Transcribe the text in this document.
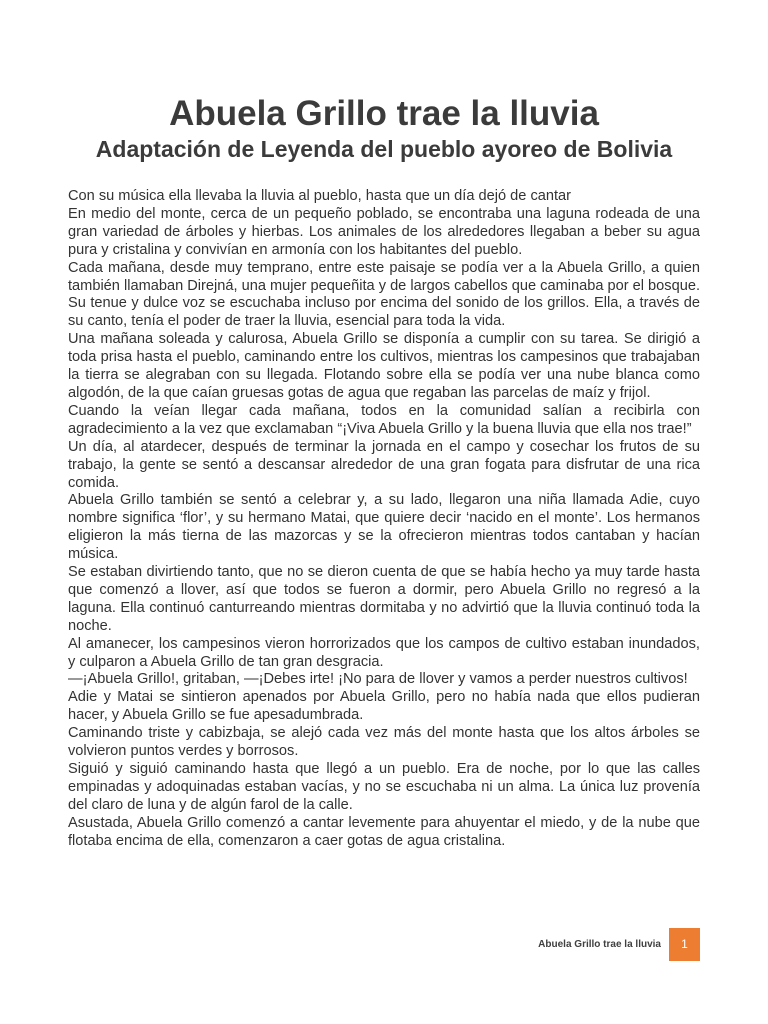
Abuela Grillo trae la lluvia
Adaptación de Leyenda del pueblo ayoreo de Bolivia

Con su música ella llevaba la lluvia al pueblo, hasta que un día dejó de cantar

En medio del monte, cerca de un pequeño poblado, se encontraba una laguna rodeada de una gran variedad de árboles y hierbas. Los animales de los alrededores llegaban a beber su agua pura y cristalina y convivían en armonía con los habitantes del pueblo.

Cada mañana, desde muy temprano, entre este paisaje se podía ver a la Abuela Grillo, a quien también llamaban Direjná, una mujer pequeñita y de largos cabellos que caminaba por el bosque. Su tenue y dulce voz se escuchaba incluso por encima del sonido de los grillos. Ella, a través de su canto, tenía el poder de traer la lluvia, esencial para toda la vida.

Una mañana soleada y calurosa, Abuela Grillo se disponía a cumplir con su tarea. Se dirigió a toda prisa hasta el pueblo, caminando entre los cultivos, mientras los campesinos que trabajaban la tierra se alegraban con su llegada. Flotando sobre ella se podía ver una nube blanca como algodón, de la que caían gruesas gotas de agua que regaban las parcelas de maíz y frijol.

Cuando la veían llegar cada mañana, todos en la comunidad salían a recibirla con agradecimiento a la vez que exclamaban “¡Viva Abuela Grillo y la buena lluvia que ella nos trae!”

Un día, al atardecer, después de terminar la jornada en el campo y cosechar los frutos de su trabajo, la gente se sentó a descansar alrededor de una gran fogata para disfrutar de una rica comida.

Abuela Grillo también se sentó a celebrar y, a su lado, llegaron una niña llamada Adie, cuyo nombre significa ‘flor’, y su hermano Matai, que quiere decir ‘nacido en el monte’. Los hermanos eligieron la más tierna de las mazorcas y se la ofrecieron mientras todos cantaban y hacían música.

Se estaban divirtiendo tanto, que no se dieron cuenta de que se había hecho ya muy tarde hasta que comenzó a llover, así que todos se fueron a dormir, pero Abuela Grillo no regresó a la laguna. Ella continuó canturreando mientras dormitaba y no advirtió que la lluvia continuó toda la noche.

Al amanecer, los campesinos vieron horrorizados que los campos de cultivo estaban inundados, y culparon a Abuela Grillo de tan gran desgracia.

—¡Abuela Grillo!, gritaban, —¡Debes irte! ¡No para de llover y vamos a perder nuestros cultivos!

Adie y Matai se sintieron apenados por Abuela Grillo, pero no había nada que ellos pudieran hacer, y Abuela Grillo se fue apesadumbrada.

Caminando triste y cabizbaja, se alejó cada vez más del monte hasta que los altos árboles se volvieron puntos verdes y borrosos.

Siguió y siguió caminando hasta que llegó a un pueblo. Era de noche, por lo que las calles empinadas y adoquinadas estaban vacías, y no se escuchaba ni un alma. La única luz provenía del claro de luna y de algún farol de la calle.

Asustada, Abuela Grillo comenzó a cantar levemente para ahuyentar el miedo, y de la nube que flotaba encima de ella, comenzaron a caer gotas de agua cristalina.

Abuela Grillo trae la lluvia	1
